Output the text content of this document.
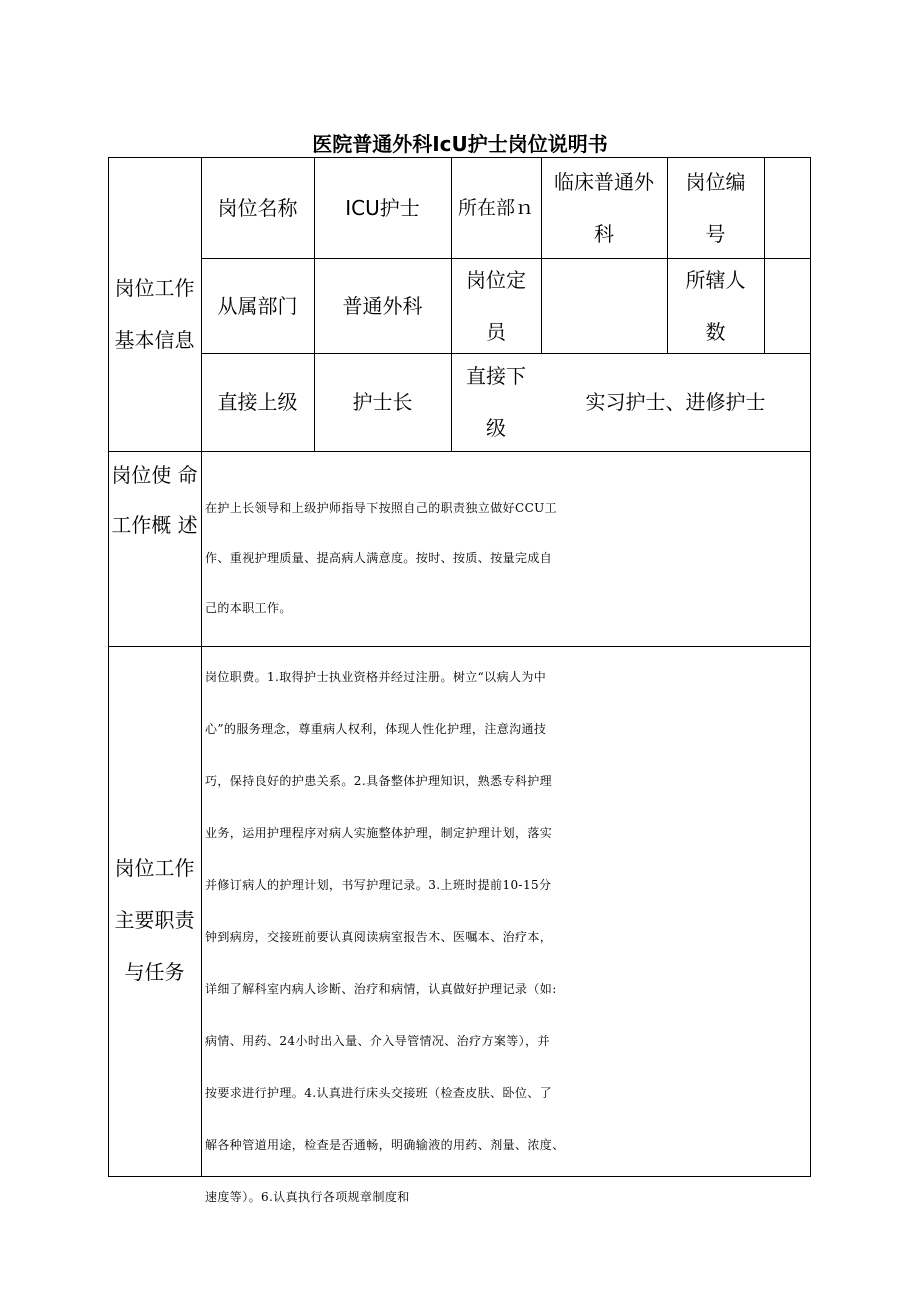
医院普通外科IcU护士岗位说明书
岗位工作 基本信息
岗位名称 ICU护士 所在部ｎ
临床普通外
科
岗位编
号
从属部门 普通外科
岗位定
员
所辖人
数
直接上级	护士长
直接下
级
实习护士、进修护士
岗位使 命 工作概 述
在护上长领导和上级护师指导下按照自己的职责独立做好CCU工
作、重视护理质量、提高病人满意度。按时、按质、按量完成自
己的本职工作。
岗位工作 主要职责 与任务
岗位职费。1.取得护士执业资格并经过注册。树立“以病人为中
心”的服务理念，尊重病人权利，体现人性化护理，注意沟通技
巧，保持良好的护患关系。2.具备整体护理知识，熟悉专科护理
业务，运用护理程序对病人实施整体护理，制定护理计划，落实
并修订病人的护理计划，书写护理记录。3.上班时提前10-15分
钟到病房，交接班前要认真阅读病室报告木、医嘱本、治疗本，
详细了解科室内病人诊断、治疗和病情，认真做好护理记录（如:
病情、用药、24小时出入量、介入导管情况、治疗方案等），并
按要求进行护理。4.认真进行床头交接班（检查皮肤、卧位、了
解各种管道用途，检查是否通畅，明确输液的用药、剂量、浓度、
速度等）。6.认真执行各项规章制度和
